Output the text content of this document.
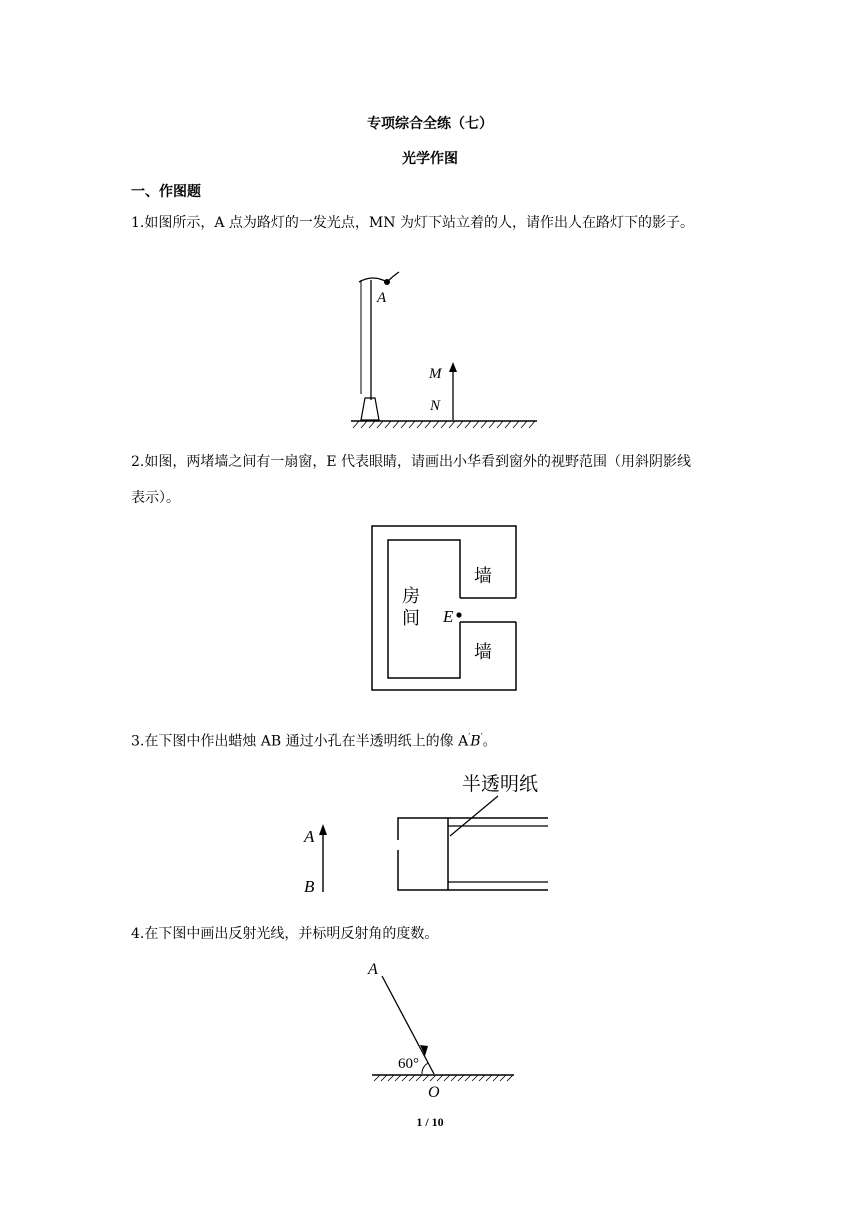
专项综合全练（七）
光学作图
一、作图题
1.如图所示，A 点为路灯的一发光点，MN 为灯下站立着的人，请作出人在路灯下的影子。
A
M
N
2.如图，两堵墙之间有一扇窗，E 代表眼睛，请画出小华看到窗外的视野范围（用斜阴影线
表示）。
墙
墙
房
间 E
3.在下图中作出蜡烛 AB 通过小孔在半透明纸上的像 A′B′。
A
B
半透明纸
4.在下图中画出反射光线，并标明反射角的度数。
A
60°
O
1 / 10
